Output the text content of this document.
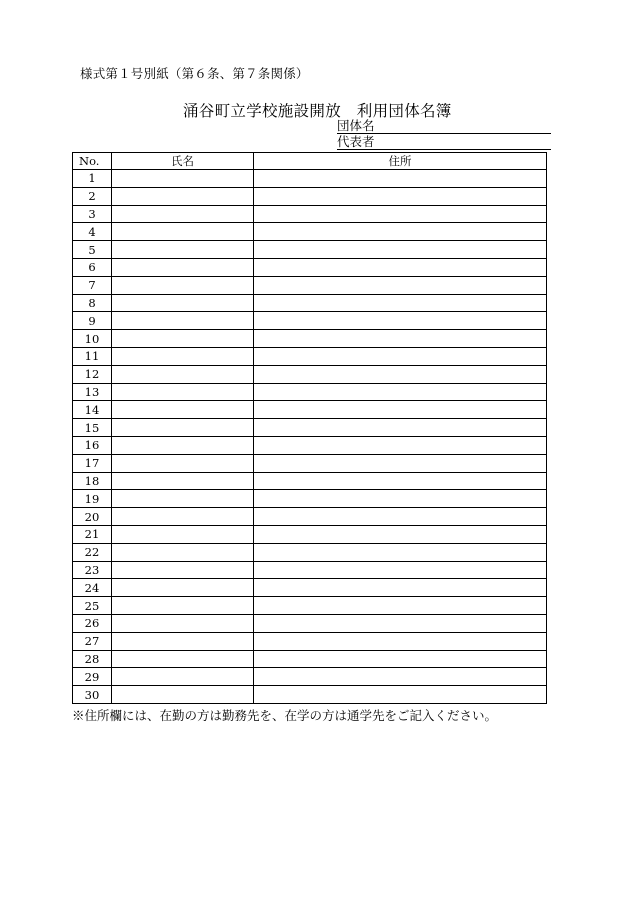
様式第１号別紙（第６条、第７条関係）
涌谷町立学校施設開放　利用団体名簿
団体名
代表者
No.	氏名	住所
1		
2		
3		
4		
5		
6		
7		
8		
9		
10		
11		
12		
13		
14		
15		
16		
17		
18		
19		
20		
21		
22		
23		
24		
25		
26		
27		
28		
29		
30		
※住所欄には、在勤の方は勤務先を、在学の方は通学先をご記入ください。
